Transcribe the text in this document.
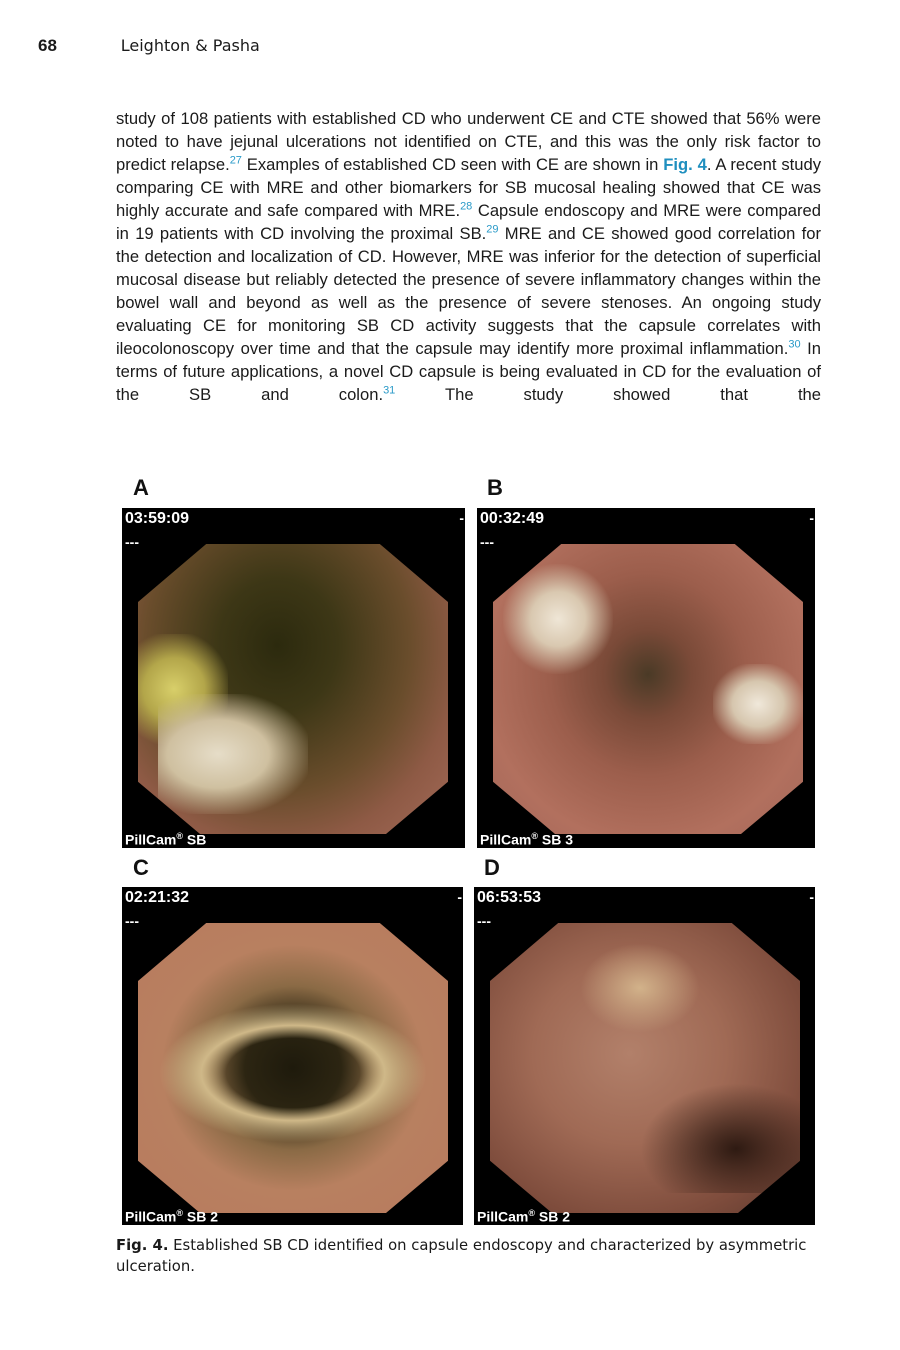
68	Leighton & Pasha
study of 108 patients with established CD who underwent CE and CTE showed that 56% were noted to have jejunal ulcerations not identified on CTE, and this was the only risk factor to predict relapse.$^{27}$ Examples of established CD seen with CE are shown in Fig. 4. A recent study comparing CE with MRE and other biomarkers for SB mucosal healing showed that CE was highly accurate and safe compared with MRE.$^{28}$ Capsule endoscopy and MRE were compared in 19 patients with CD involving the proximal SB.$^{29}$ MRE and CE showed good correlation for the detection and localization of CD. However, MRE was inferior for the detection of superficial mucosal disease but reliably detected the presence of severe inflammatory changes within the bowel wall and beyond as well as the presence of severe stenoses. An ongoing study evaluating CE for monitoring SB CD activity suggests that the capsule correlates with ileocolonoscopy over time and that the capsule may identify more proximal inflammation.$^{30}$ In terms of future applications, a novel CD capsule is being evaluated in CD for the evaluation of the SB and colon.$^{31}$ The study showed that the
A	B
C	D
03:59:09
---
-
PillCam® SB
00:32:49
---
-
PillCam® SB 3
02:21:32
---
-
PillCam® SB 2
06:53:53
---
-
PillCam® SB 2
Fig. 4. Established SB CD identified on capsule endoscopy and characterized by asymmetric ulceration.
